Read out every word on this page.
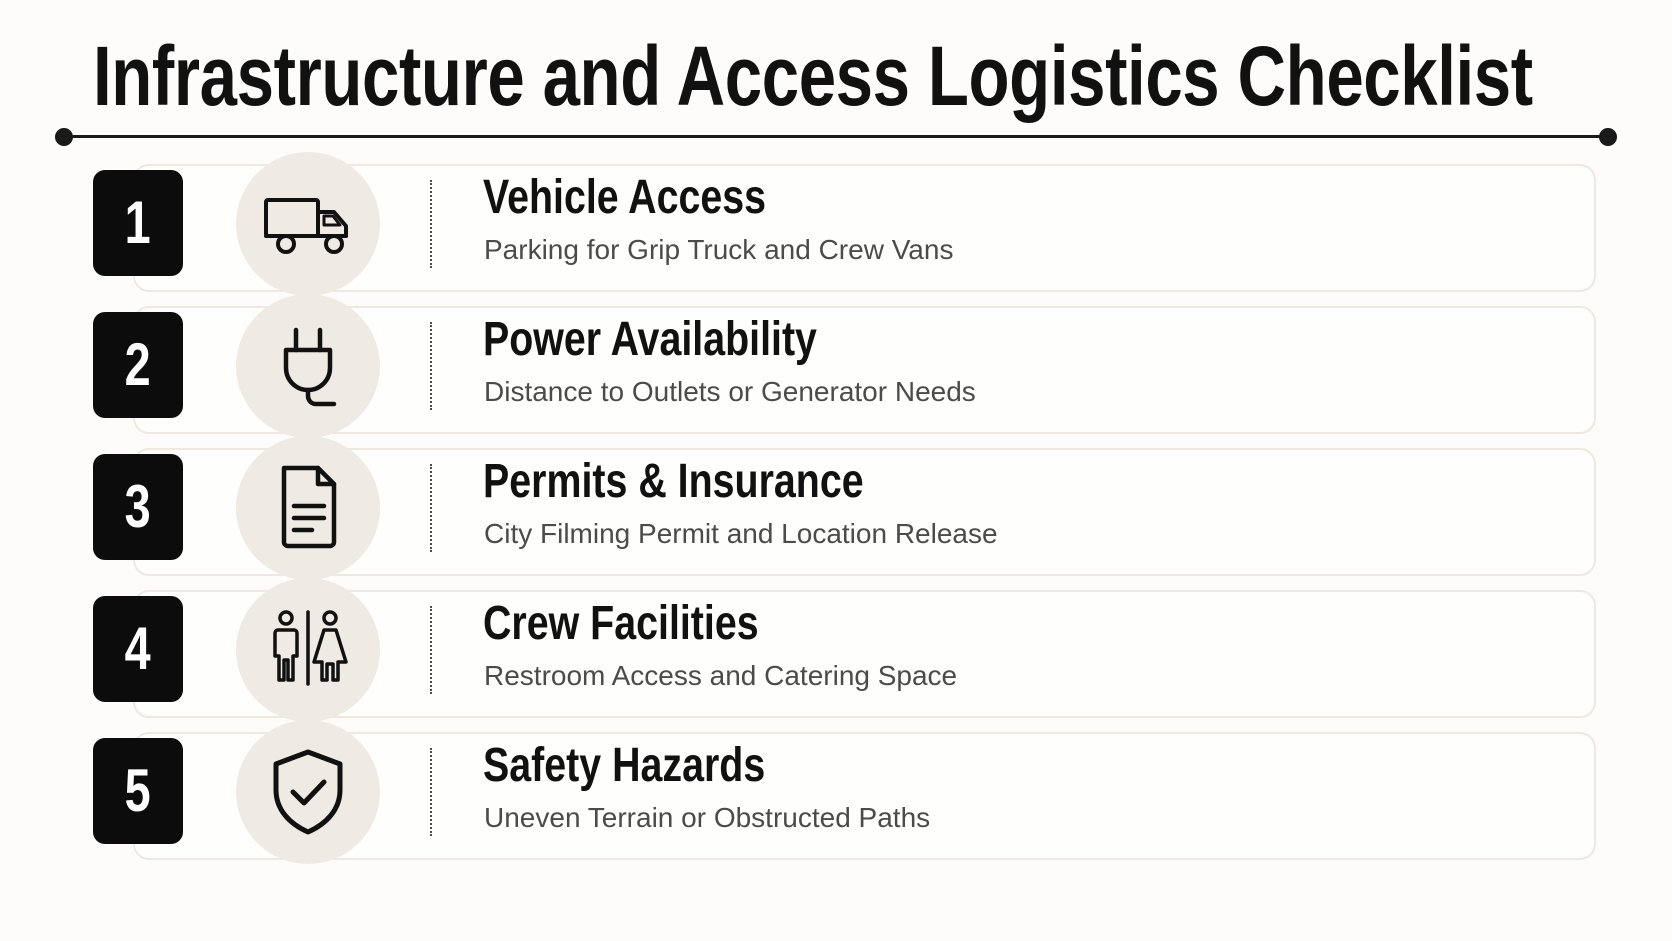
Infrastructure and Access Logistics Checklist
1	Vehicle Access
Parking for Grip Truck and Crew Vans
2	Power Availability
Distance to Outlets or Generator Needs
3	Permits & Insurance
City Filming Permit and Location Release
4	Crew Facilities
Restroom Access and Catering Space
5	Safety Hazards
Uneven Terrain or Obstructed Paths
